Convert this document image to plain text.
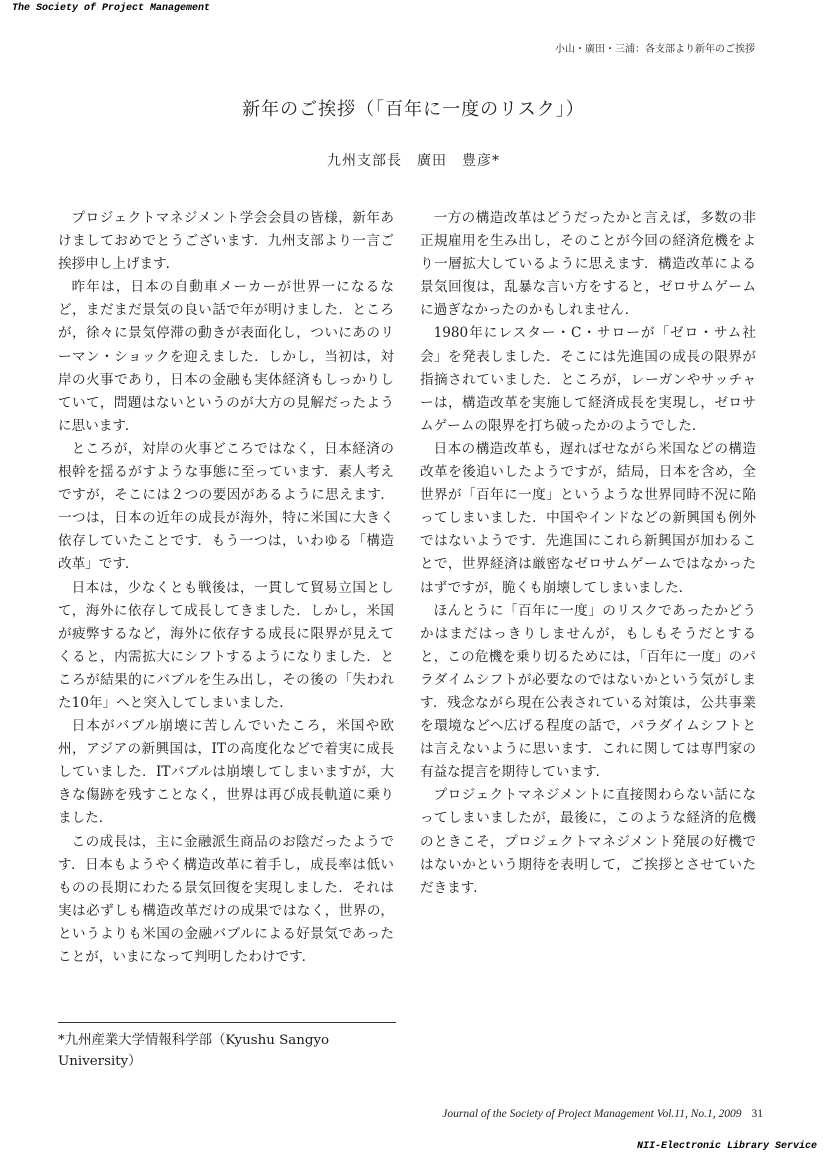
The Society of Project Management
小山・廣田・三浦：各支部より新年のご挨拶
新年のご挨拶（「百年に一度のリスク」）
九州支部長　廣田　豊彦*

プロジェクトマネジメント学会会員の皆様，新年あけましておめでとうございます．九州支部より一言ご挨拶申し上げます．

昨年は，日本の自動車メーカーが世界一になるなど，まだまだ景気の良い話で年が明けました．ところが，徐々に景気停滞の動きが表面化し，ついにあのリーマン・ショックを迎えました．しかし，当初は，対岸の火事であり，日本の金融も実体経済もしっかりしていて，問題はないというのが大方の見解だったように思います．

ところが，対岸の火事どころではなく，日本経済の根幹を揺るがすような事態に至っています．素人考えですが，そこには２つの要因があるように思えます．一つは，日本の近年の成長が海外，特に米国に大きく依存していたことです．もう一つは，いわゆる「構造改革」です．

日本は，少なくとも戦後は，一貫して貿易立国として，海外に依存して成長してきました．しかし，米国が疲弊するなど，海外に依存する成長に限界が見えてくると，内需拡大にシフトするようになりました．ところが結果的にバブルを生み出し，その後の「失われた10年」へと突入してしまいました．

日本がバブル崩壊に苦しんでいたころ，米国や欧州，アジアの新興国は，ITの高度化などで着実に成長していました．ITバブルは崩壊してしまいますが，大きな傷跡を残すことなく，世界は再び成長軌道に乗りました．

この成長は，主に金融派生商品のお陰だったようです．日本もようやく構造改革に着手し，成長率は低いものの長期にわたる景気回復を実現しました．それは実は必ずしも構造改革だけの成果ではなく，世界の，というよりも米国の金融バブルによる好景気であったことが，いまになって判明したわけです．

一方の構造改革はどうだったかと言えば，多数の非正規雇用を生み出し，そのことが今回の経済危機をより一層拡大しているように思えます．構造改革による景気回復は，乱暴な言い方をすると，ゼロサムゲームに過ぎなかったのかもしれません．

1980年にレスター・C・サローが「ゼロ・サム社会」を発表しました．そこには先進国の成長の限界が指摘されていました．ところが，レーガンやサッチャーは，構造改革を実施して経済成長を実現し，ゼロサムゲームの限界を打ち破ったかのようでした．

日本の構造改革も，遅ればせながら米国などの構造改革を後追いしたようですが，結局，日本を含め，全世界が「百年に一度」というような世界同時不況に陥ってしまいました．中国やインドなどの新興国も例外ではないようです．先進国にこれら新興国が加わることで，世界経済は厳密なゼロサムゲームではなかったはずですが，脆くも崩壊してしまいました．

ほんとうに「百年に一度」のリスクであったかどうかはまだはっきりしませんが，もしもそうだとすると，この危機を乗り切るためには，「百年に一度」のパラダイムシフトが必要なのではないかという気がします．残念ながら現在公表されている対策は，公共事業を環境などへ広げる程度の話で，パラダイムシフトとは言えないように思います．これに関しては専門家の有益な提言を期待しています．

プロジェクトマネジメントに直接関わらない話になってしまいましたが，最後に，このような経済的危機のときこそ，プロジェクトマネジメント発展の好機ではないかという期待を表明して，ご挨拶とさせていただきます．

*九州産業大学情報科学部（Kyushu Sangyo University）
Journal of the Society of Project Management Vol.11, No.1, 2009 31
NII-Electronic Library Service
